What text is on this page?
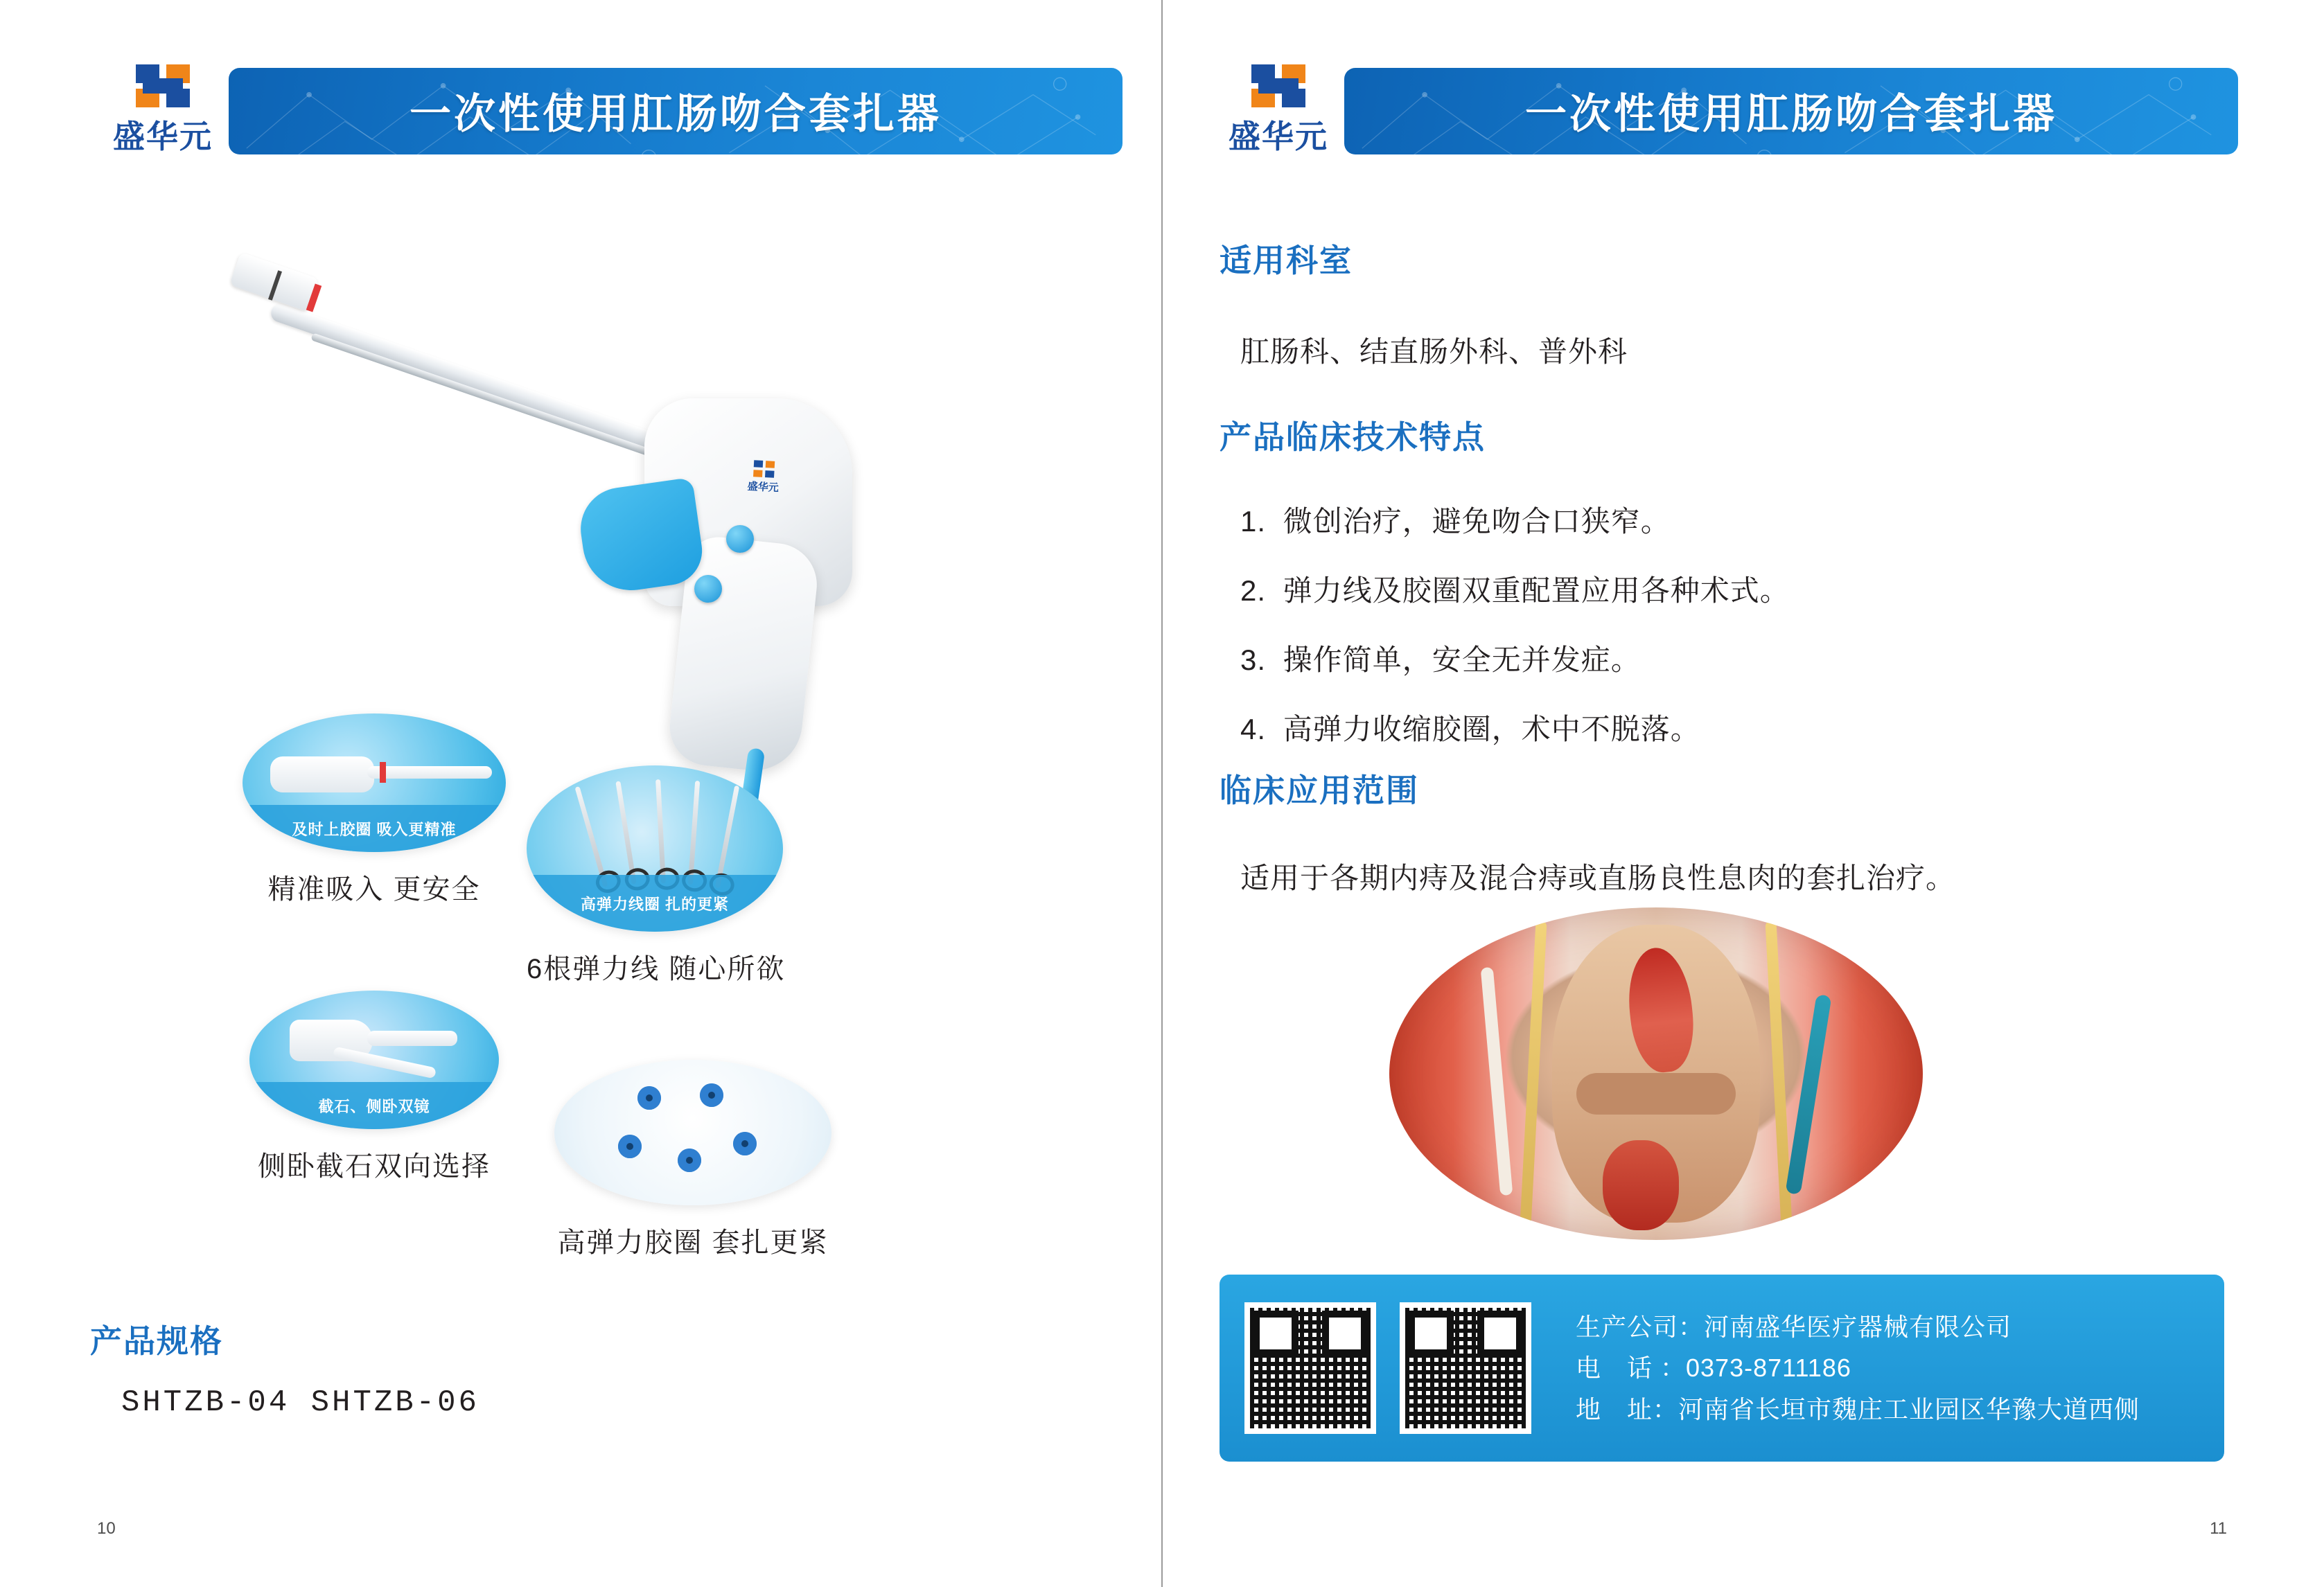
盛华元	一次性使用肛肠吻合套扎器
盛华元
及时上胶圈 吸入更精准
精准吸入 更安全	高弹力线圈 扎的更紧
6根弹力线 随心所欲
截石、侧卧双镜
侧卧截石双向选择
高弹力胶圈 套扎更紧
产品规格
SHTZB-04 SHTZB-06
10
盛华元	一次性使用肛肠吻合套扎器
适用科室
肛肠科、结直肠外科、普外科
产品临床技术特点
1. 微创治疗，避免吻合口狭窄。
2. 弹力线及胶圈双重配置应用各种术式。
3. 操作简单，安全无并发症。
4. 高弹力收缩胶圈，术中不脱落。
临床应用范围
适用于各期内痔及混合痔或直肠良性息肉的套扎治疗。
生产公司：河南盛华医疗器械有限公司
电　话 ：0373-8711186
地　址：河南省长垣市魏庄工业园区华豫大道西侧
11
